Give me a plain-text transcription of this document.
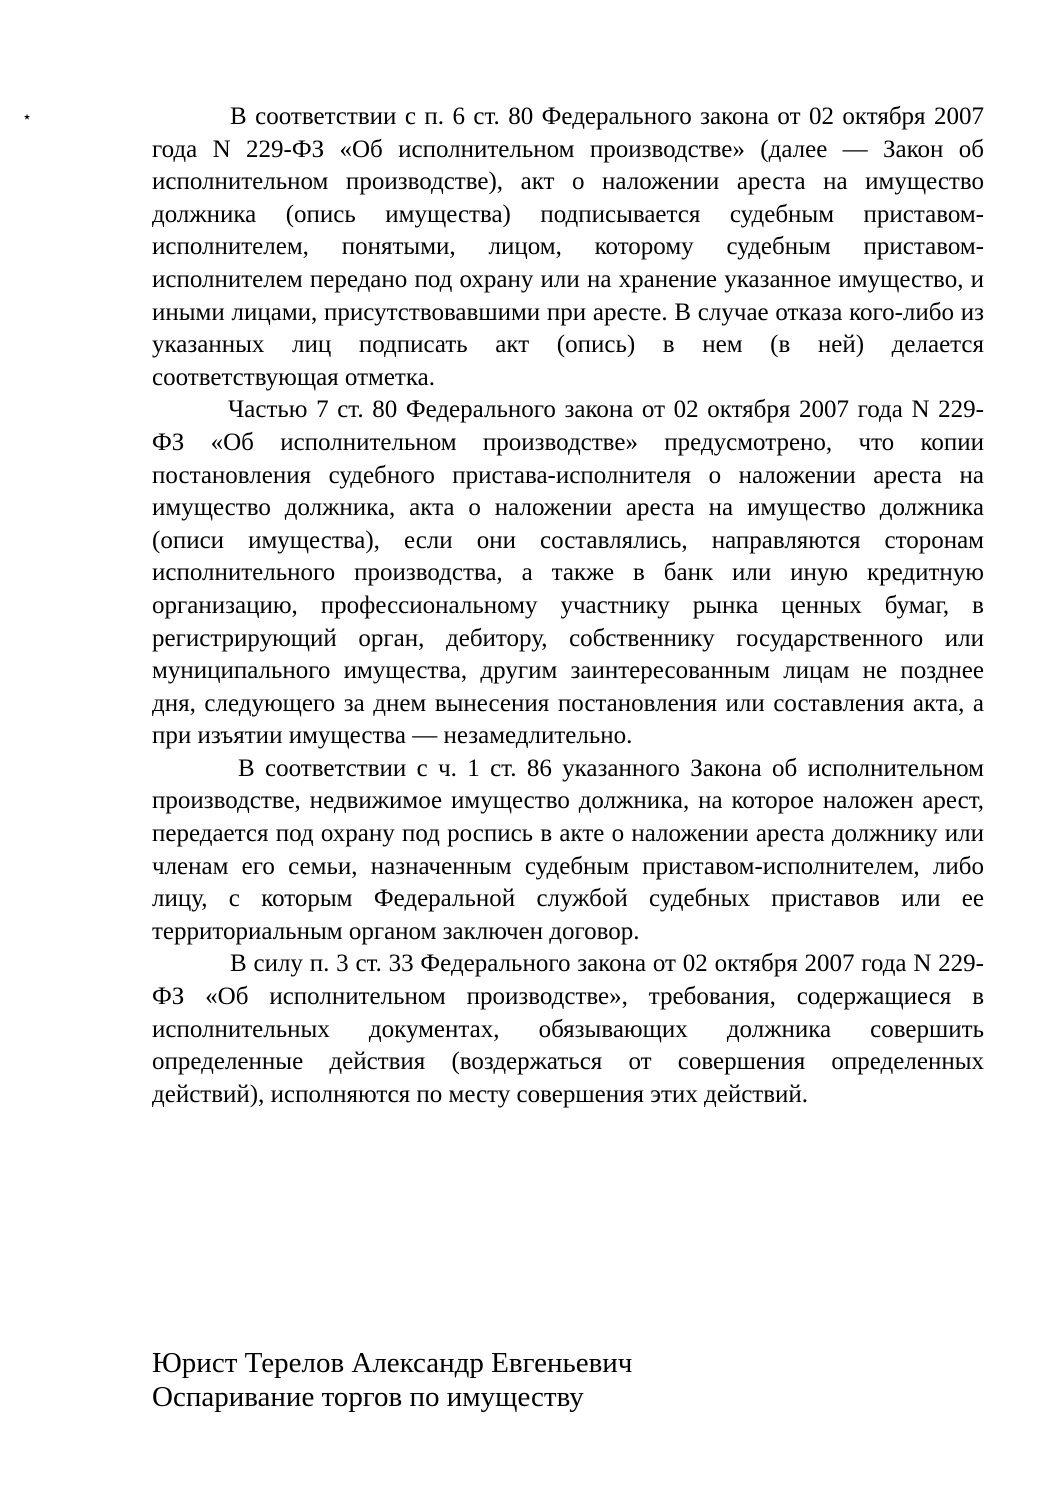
⋆	В соответствии с п. 6 ст. 80 Федерального закона от 02 октября 2007 года N 229-ФЗ «Об исполнительном производстве» (далее — Закон об исполнительном производстве), акт о наложении ареста на имущество должника (опись имущества) подписывается судебным приставом-исполнителем, понятыми, лицом, которому судебным приставом-исполнителем передано под охрану или на хранение указанное имущество, и иными лицами, присутствовавшими при аресте. В случае отказа кого-либо из указанных лиц подписать акт (опись) в нем (в ней) делается соответствующая отметка.

Частью 7 ст. 80 Федерального закона от 02 октября 2007 года N 229-ФЗ «Об исполнительном производстве» предусмотрено, что копии постановления судебного пристава-исполнителя о наложении ареста на имущество должника, акта о наложении ареста на имущество должника (описи имущества), если они составлялись, направляются сторонам исполнительного производства, а также в банк или иную кредитную организацию, профессиональному участнику рынка ценных бумаг, в регистрирующий орган, дебитору, собственнику государственного или муниципального имущества, другим заинтересованным лицам не позднее дня, следующего за днем вынесения постановления или составления акта, а при изъятии имущества — незамедлительно.

В соответствии с ч. 1 ст. 86 указанного Закона об исполнительном производстве, недвижимое имущество должника, на которое наложен арест, передается под охрану под роспись в акте о наложении ареста должнику или членам его семьи, назначенным судебным приставом-исполнителем, либо лицу, с которым Федеральной службой судебных приставов или ее территориальным органом заключен договор.

В силу п. 3 ст. 33 Федерального закона от 02 октября 2007 года N 229-ФЗ «Об исполнительном производстве», требования, содержащиеся в исполнительных документах, обязывающих должника совершить определенные действия (воздержаться от совершения определенных действий), исполняются по месту совершения этих действий.

Юрист Терелов Александр Евгеньевич
Оспаривание торгов по имуществу
